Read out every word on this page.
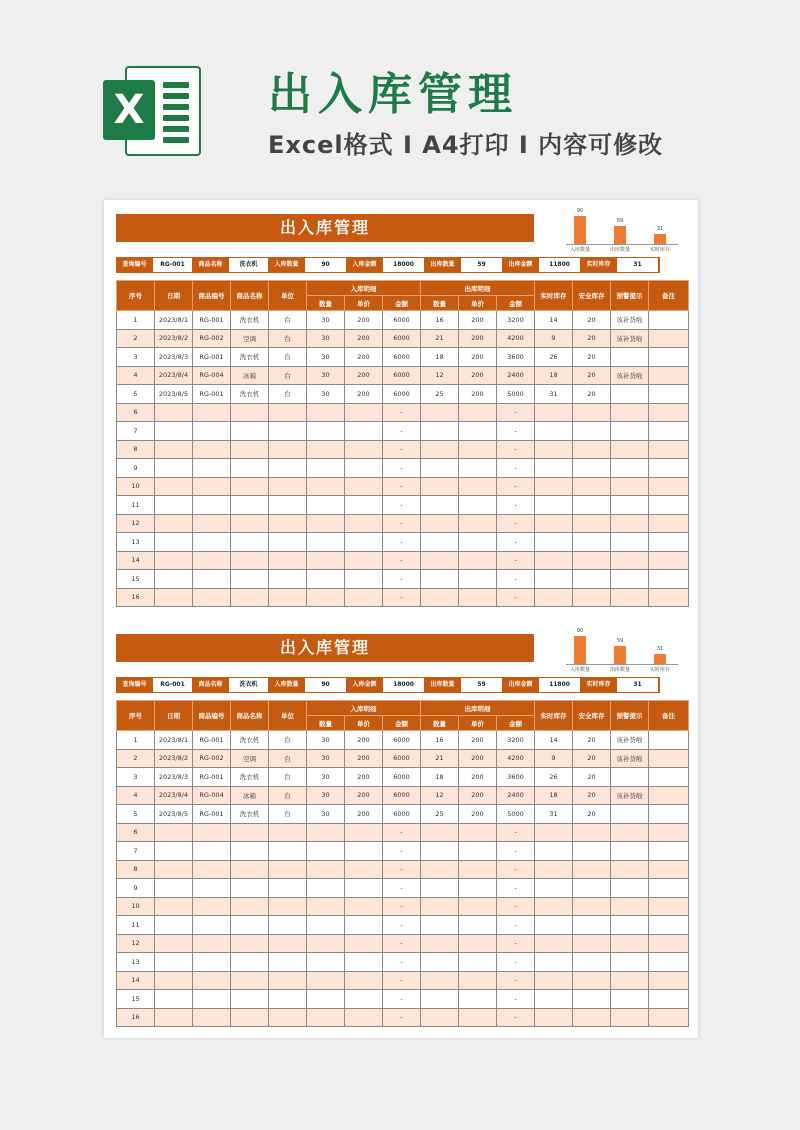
X	出入库管理
Excel格式 I A4打印 I 内容可修改
出入库管理
90
入库数量
59
出库数量
31
实时库存
查询编号	RG-001	商品名称	洗衣机	入库数量	90	入库金额	18000	出库数量	59	出库金额	11800	实时库存	31
序号	日期	商品编号	商品名称	单位	入库明细			出库明细			实时库存	安全库存	预警提示	备注
					数量	单价	金额	数量	单价	金额				
1	2023/8/1	RG-001	洗衣机	台	30	200	6000	16	200	3200	14	20	该补货啦	
2	2023/8/2	RG-002	空调	台	30	200	6000	21	200	4200	9	20	该补货啦	
3	2023/8/3	RG-001	洗衣机	台	30	200	6000	18	200	3600	26	20		
4	2023/8/4	RG-004	冰箱	台	30	200	6000	12	200	2400	18	20	该补货啦	
5	2023/8/5	RG-001	洗衣机	台	30	200	6000	25	200	5000	31	20		
6							-			-				
7							-			-				
8							-			-				
9							-			-				
10							-			-				
11							-			-				
12							-			-				
13							-			-				
14							-			-				
15							-			-				
16							-			-				
出入库管理
90
入库数量
59
出库数量
31
实时库存
查询编号	RG-001	商品名称	洗衣机	入库数量	90	入库金额	18000	出库数量	59	出库金额	11800	实时库存	31
序号	日期	商品编号	商品名称	单位	入库明细			出库明细			实时库存	安全库存	预警提示	备注
					数量	单价	金额	数量	单价	金额				
1	2023/8/1	RG-001	洗衣机	台	30	200	6000	16	200	3200	14	20	该补货啦	
2	2023/8/2	RG-002	空调	台	30	200	6000	21	200	4200	9	20	该补货啦	
3	2023/8/3	RG-001	洗衣机	台	30	200	6000	18	200	3600	26	20		
4	2023/8/4	RG-004	冰箱	台	30	200	6000	12	200	2400	18	20	该补货啦	
5	2023/8/5	RG-001	洗衣机	台	30	200	6000	25	200	5000	31	20		
6							-			-				
7							-			-				
8							-			-				
9							-			-				
10							-			-				
11							-			-				
12							-			-				
13							-			-				
14							-			-				
15							-			-				
16							-			-				
